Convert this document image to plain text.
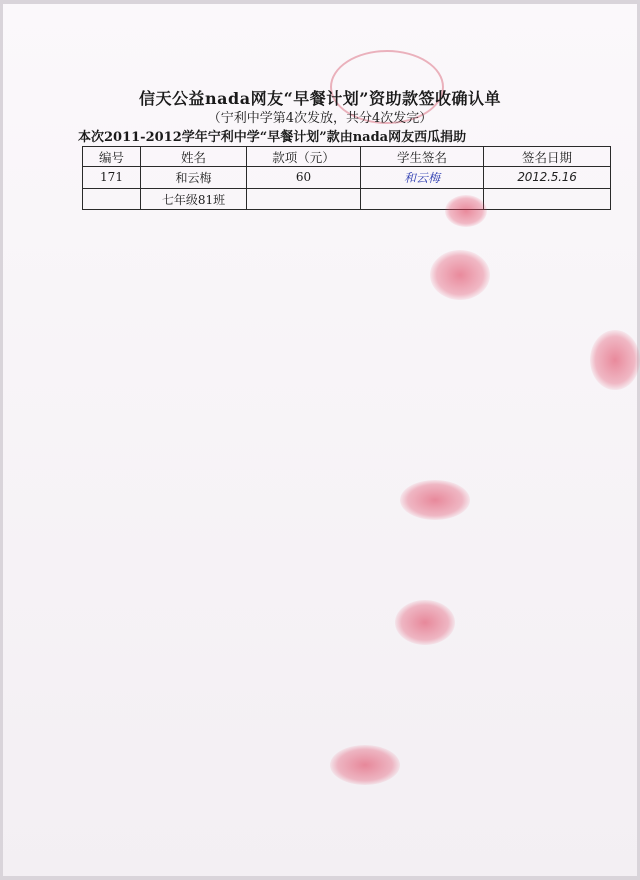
信天公益nada网友“早餐计划”资助款签收确认单
（宁利中学第4次发放，共分4次发完）
本次2011-2012学年宁利中学“早餐计划”款由nada网友西瓜捐助
编号	姓名	款项（元）	学生签名	签名日期
171	和云梅	60	和云梅	2012.5.16
	七年级81班			
